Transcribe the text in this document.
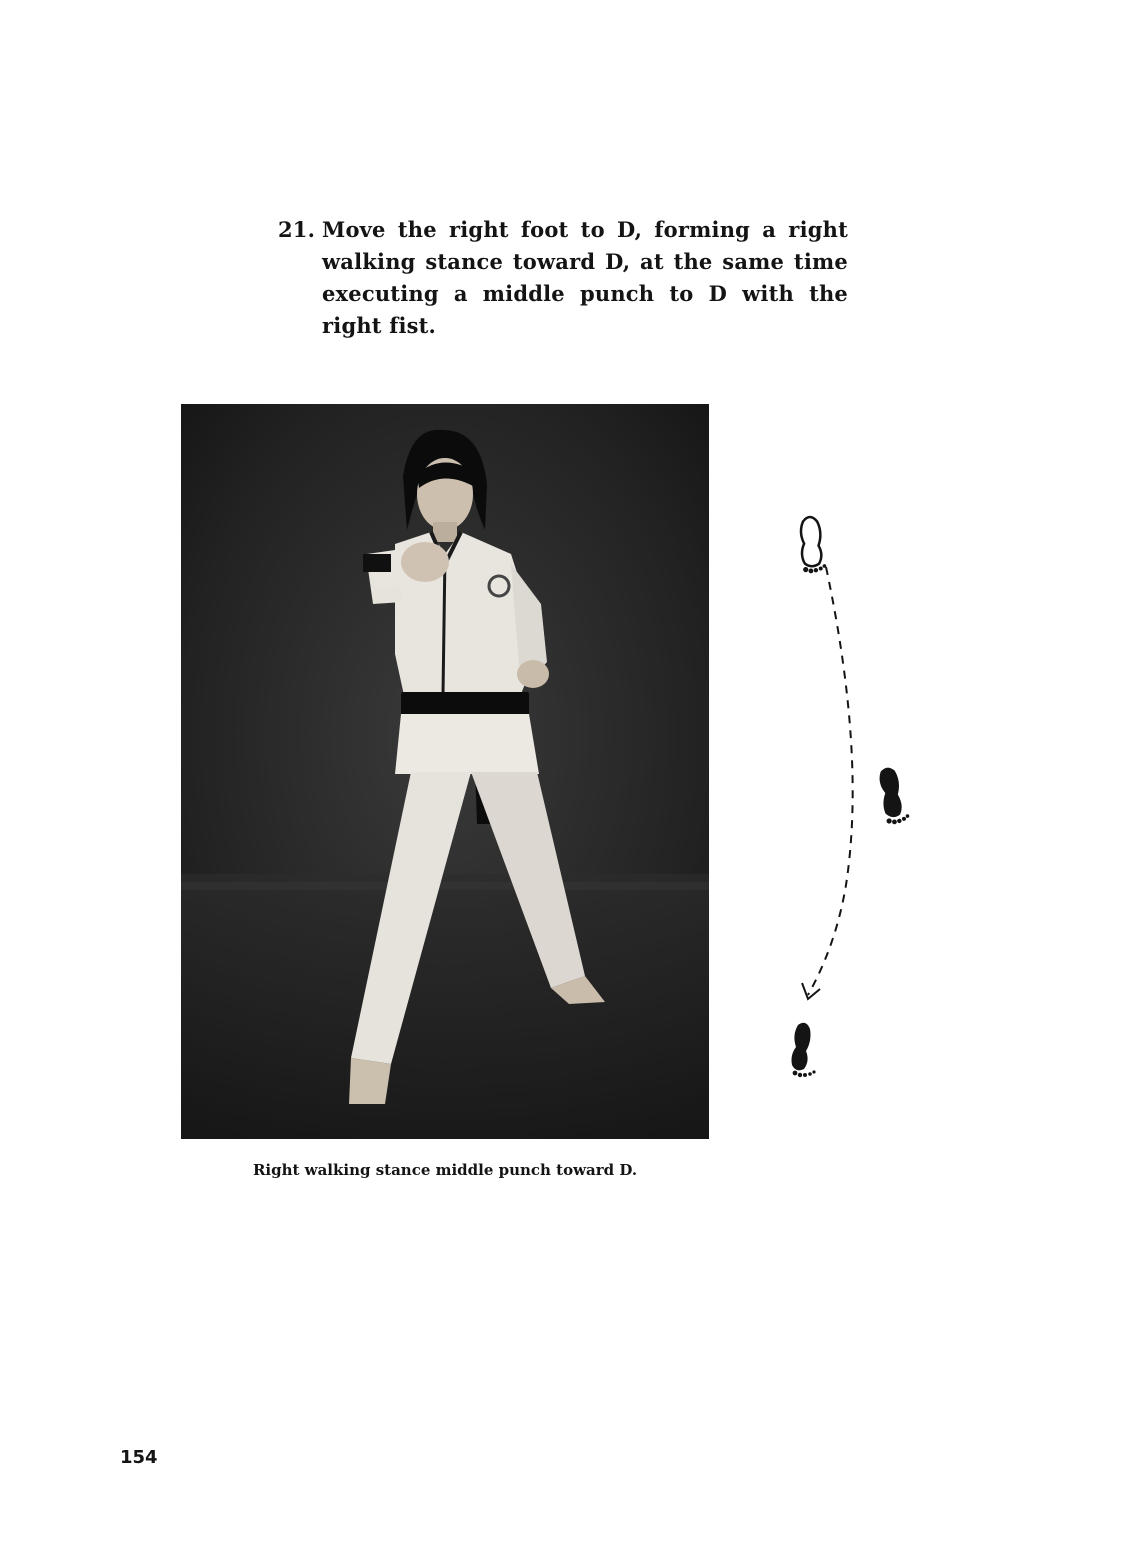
21. Move the right foot to D, forming a right walking stance toward D, at the same time executing a middle punch to D with the right fist.
Right walking stance middle punch toward D.
154
